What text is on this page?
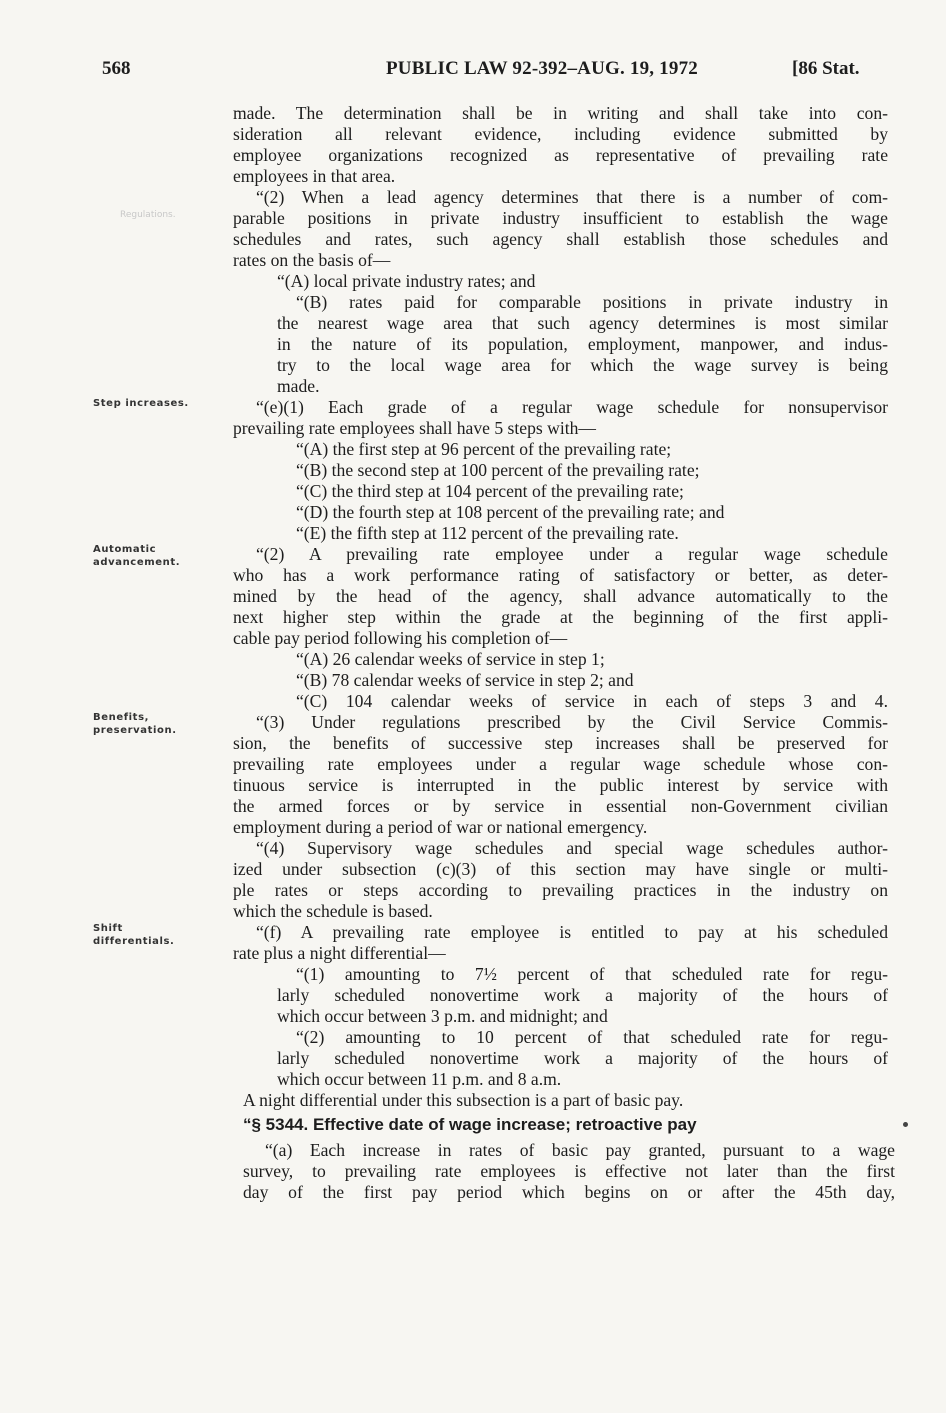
568	PUBLIC LAW 92-392–AUG. 19, 1972	[86 Stat.
Regulations.
Step increases.
Automatic advancement.
Benefits, preservation.
Shift differentials.
made. The determination shall be in writing and shall take into con-
sideration all relevant evidence, including evidence submitted by
employee organizations recognized as representative of prevailing rate
employees in that area.
“(2) When a lead agency determines that there is a number of com-
parable positions in private industry insufficient to establish the wage
schedules and rates, such agency shall establish those schedules and
rates on the basis of—
“(A) local private industry rates; and
“(B) rates paid for comparable positions in private industry in
the nearest wage area that such agency determines is most similar
in the nature of its population, employment, manpower, and indus-
try to the local wage area for which the wage survey is being
made.
“(e)(1) Each grade of a regular wage schedule for nonsupervisor
prevailing rate employees shall have 5 steps with—
“(A) the first step at 96 percent of the prevailing rate;
“(B) the second step at 100 percent of the prevailing rate;
“(C) the third step at 104 percent of the prevailing rate;
“(D) the fourth step at 108 percent of the prevailing rate; and
“(E) the fifth step at 112 percent of the prevailing rate.
“(2) A prevailing rate employee under a regular wage schedule
who has a work performance rating of satisfactory or better, as deter-
mined by the head of the agency, shall advance automatically to the
next higher step within the grade at the beginning of the first appli-
cable pay period following his completion of—
“(A) 26 calendar weeks of service in step 1;
“(B) 78 calendar weeks of service in step 2; and
“(C) 104 calendar weeks of service in each of steps 3 and 4.
“(3) Under regulations prescribed by the Civil Service Commis-
sion, the benefits of successive step increases shall be preserved for
prevailing rate employees under a regular wage schedule whose con-
tinuous service is interrupted in the public interest by service with
the armed forces or by service in essential non-Government civilian
employment during a period of war or national emergency.
“(4) Supervisory wage schedules and special wage schedules author-
ized under subsection (c)(3) of this section may have single or multi-
ple rates or steps according to prevailing practices in the industry on
which the schedule is based.
“(f) A prevailing rate employee is entitled to pay at his scheduled
rate plus a night differential—
“(1) amounting to 7½ percent of that scheduled rate for regu-
larly scheduled nonovertime work a majority of the hours of
which occur between 3 p.m. and midnight; and
“(2) amounting to 10 percent of that scheduled rate for regu-
larly scheduled nonovertime work a majority of the hours of
which occur between 11 p.m. and 8 a.m.
A night differential under this subsection is a part of basic pay.
“§ 5344. Effective date of wage increase; retroactive pay
“(a) Each increase in rates of basic pay granted, pursuant to a wage
survey, to prevailing rate employees is effective not later than the first
day of the first pay period which begins on or after the 45th day,
